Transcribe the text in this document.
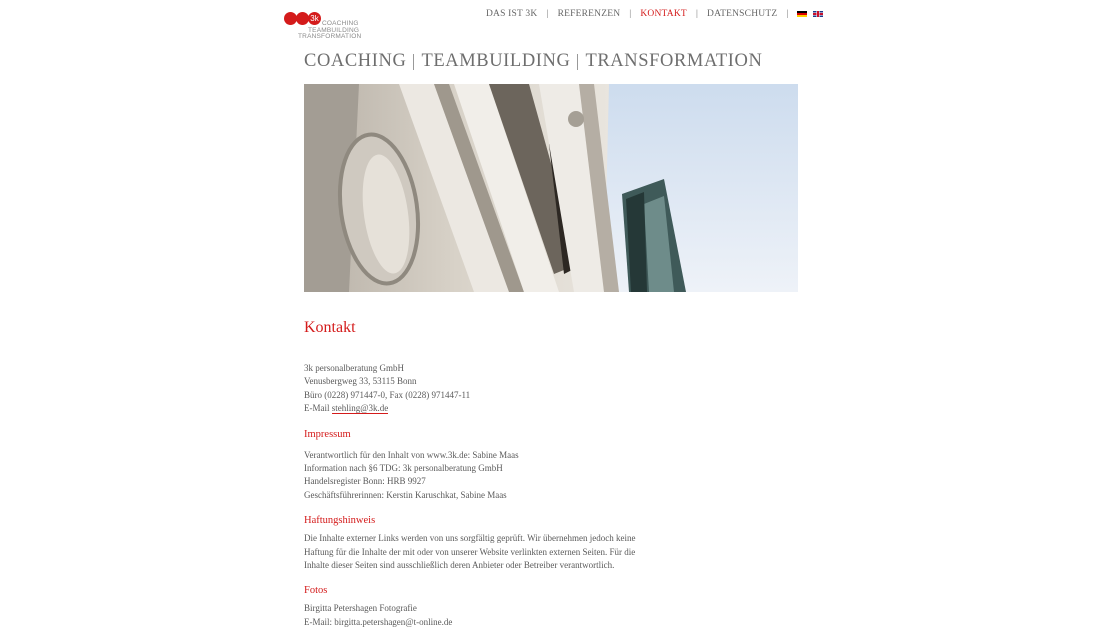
3k
COACHING
TEAMBUILDING
TRANSFORMATION
DAS IST 3K | REFERENZEN | KONTAKT | DATENSCHUTZ |
COACHING TEAMBUILDING TRANSFORMATION
Kontakt
3k personalberatung GmbH
Venusbergweg 33, 53115 Bonn
Büro (0228) 971447-0, Fax (0228) 971447-11
E-Mail stehling@3k.de
Impressum
Verantwortlich für den Inhalt von www.3k.de: Sabine Maas
Information nach §6 TDG: 3k personalberatung GmbH
Handelsregister Bonn: HRB 9927
Geschäftsführerinnen: Kerstin Karuschkat, Sabine Maas
Haftungshinweis
Die Inhalte externer Links werden von uns sorgfältig geprüft. Wir übernehmen jedoch keine
Haftung für die Inhalte der mit oder von unserer Website verlinkten externen Seiten. Für die
Inhalte dieser Seiten sind ausschließlich deren Anbieter oder Betreiber verantwortlich.
Fotos
Birgitta Petershagen Fotografie
E-Mail: birgitta.petershagen@t-online.de
